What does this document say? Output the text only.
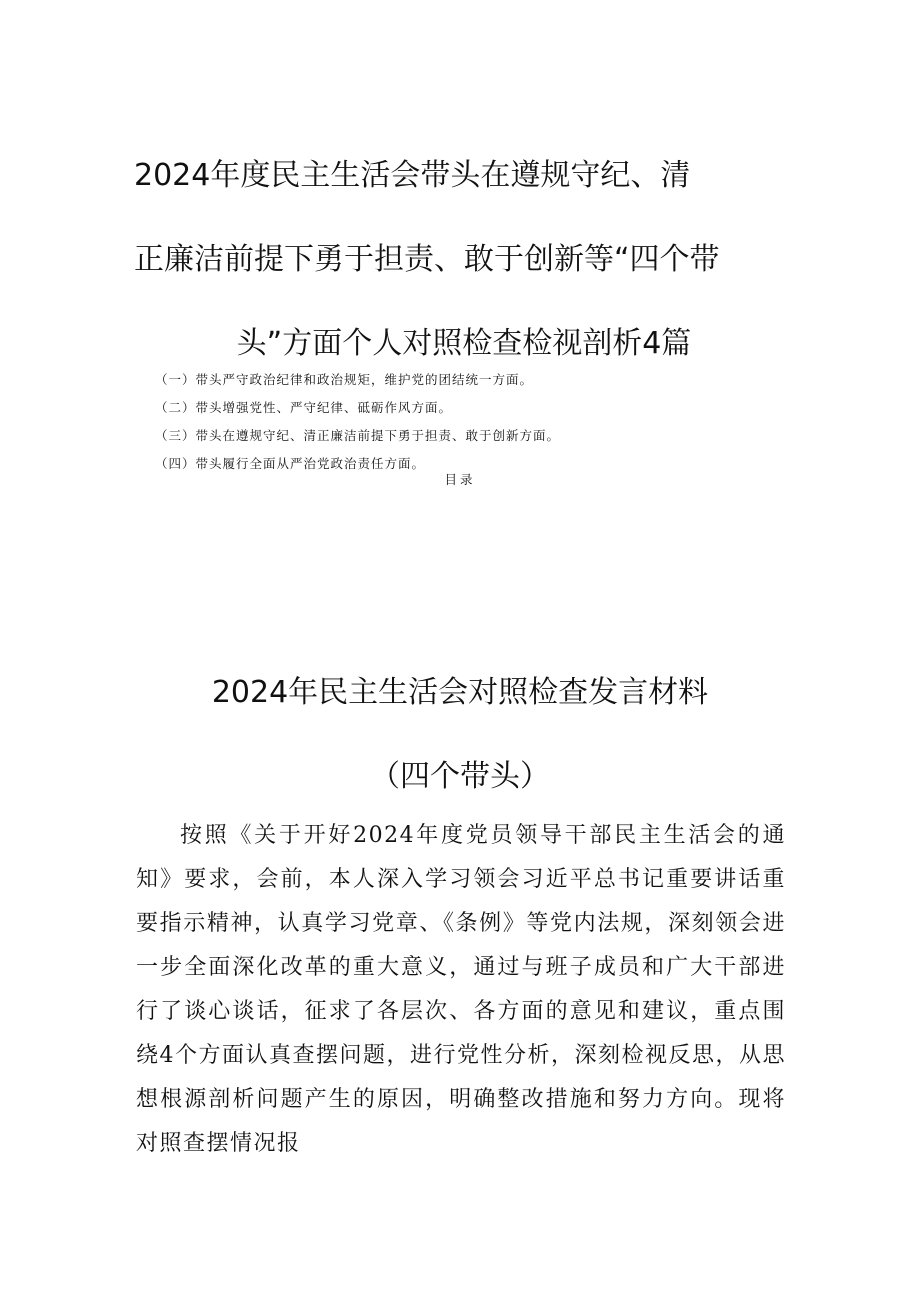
2024年度民主生活会带头在遵规守纪、清
正廉洁前提下勇于担责、敢于创新等“四个带
头”方面个人对照检查检视剖析4篇
（一）带头严守政治纪律和政治规矩，维护党的团结统一方面。
（二）带头增强党性、严守纪律、砥砺作风方面。
（三）带头在遵规守纪、清正廉洁前提下勇于担责、敢于创新方面。
（四）带头履行全面从严治党政治责任方面。
目录
2024年民主生活会对照检查发言材料
（四个带头）

按照《关于开好2024年度党员领导干部民主生活会的通知》要求，会前，本人深入学习领会习近平总书记重要讲话重要指示精神，认真学习党章、《条例》等党内法规，深刻领会进一步全面深化改革的重大意义，通过与班子成员和广大干部进行了谈心谈话，征求了各层次、各方面的意见和建议，重点围绕4个方面认真查摆问题，进行党性分析，深刻检视反思，从思想根源剖析问题产生的原因，明确整改措施和努力方向。现将对照查摆情况报
